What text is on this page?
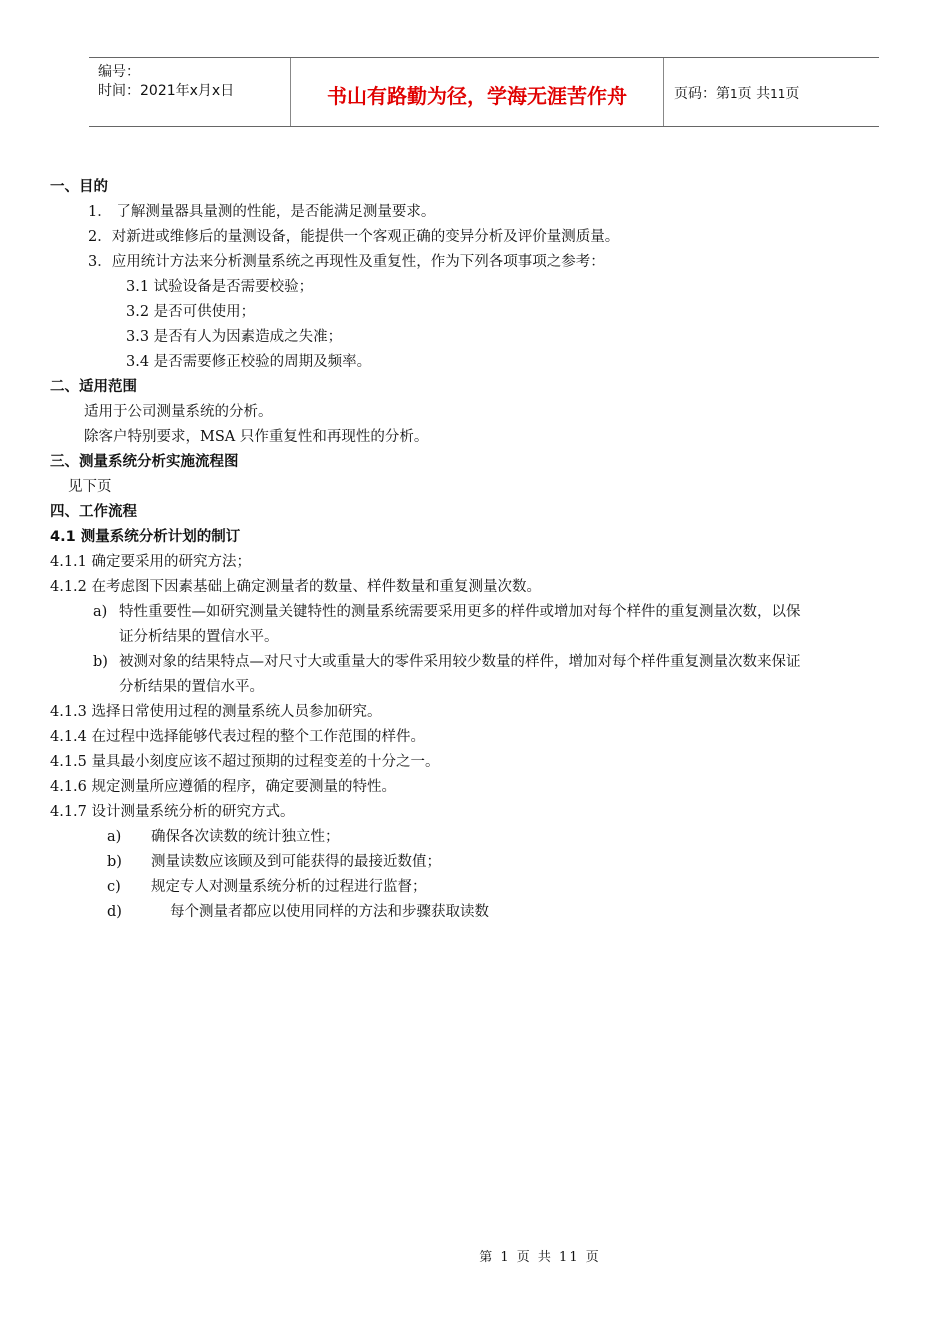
编号：
时间：2021年x月x日	书山有路勤为径，学海无涯苦作舟	页码：第1页 共11页
一、目的
1． 了解测量器具量测的性能，是否能满足测量要求。
2．对新进或维修后的量测设备，能提供一个客观正确的变异分析及评价量测质量。
3．应用统计方法来分析测量系统之再现性及重复性，作为下列各项事项之参考：
3.1 试验设备是否需要校验；
3.2 是否可供使用；
3.3 是否有人为因素造成之失准；
3.4 是否需要修正校验的周期及频率。
二、适用范围
适用于公司测量系统的分析。
除客户特别要求，MSA 只作重复性和再现性的分析。
三、测量系统分析实施流程图
见下页
四、工作流程
4.1 测量系统分析计划的制订
4.1.1 确定要采用的研究方法；
4.1.2 在考虑图下因素基础上确定测量者的数量、样件数量和重复测量次数。
a) 特性重要性—如研究测量关键特性的测量系统需要采用更多的样件或增加对每个样件的重复测量次数，以保
证分析结果的置信水平。
b) 被测对象的结果特点—对尺寸大或重量大的零件采用较少数量的样件，增加对每个样件重复测量次数来保证
分析结果的置信水平。
4.1.3 选择日常使用过程的测量系统人员参加研究。
4.1.4 在过程中选择能够代表过程的整个工作范围的样件。
4.1.5 量具最小刻度应该不超过预期的过程变差的十分之一。
4.1.6 规定测量所应遵循的程序，确定要测量的特性。
4.1.7 设计测量系统分析的研究方式。
a) 确保各次读数的统计独立性；
b) 测量读数应该顾及到可能获得的最接近数值；
c) 规定专人对测量系统分析的过程进行监督；
d)	每个测量者都应以使用同样的方法和步骤获取读数
第 1 页 共 11 页
